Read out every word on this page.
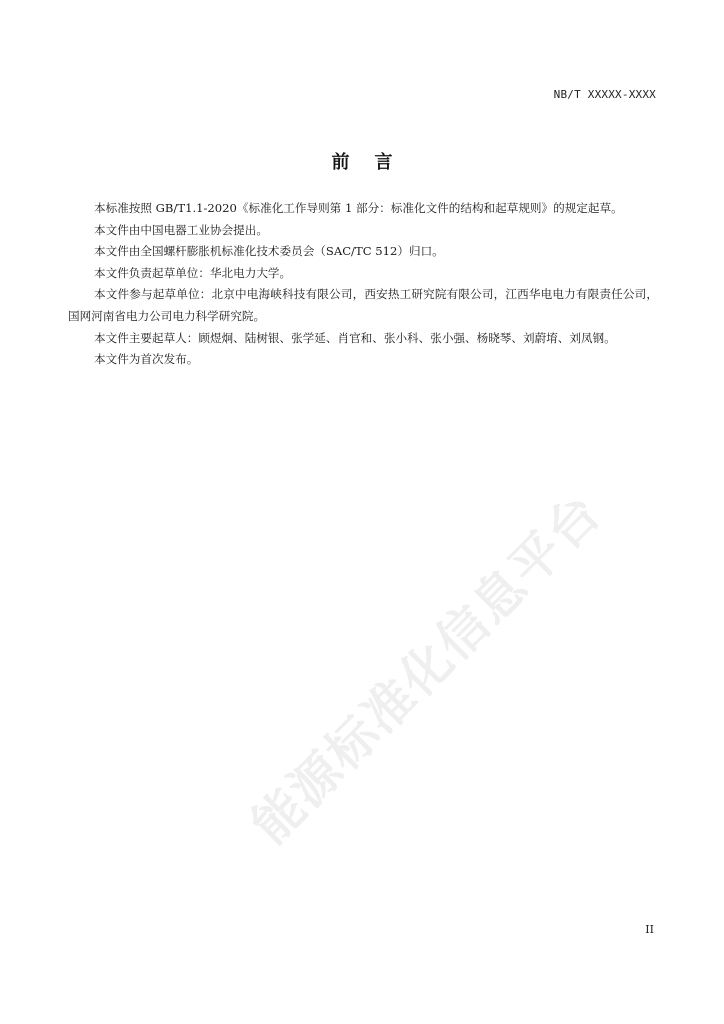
NB/T XXXXX-XXXX
前    言

本标准按照 GB/T1.1-2020《标准化工作导则第 1 部分：标准化文件的结构和起草规则》的规定起草。

本文件由中国电器工业协会提出。

本文件由全国螺杆膨胀机标准化技术委员会（SAC/TC 512）归口。

本文件负责起草单位：华北电力大学。

本文件参与起草单位：北京中电海峡科技有限公司，西安热工研究院有限公司，江西华电电力有限责任公司，国网河南省电力公司电力科学研究院。

本文件主要起草人：顾煜炯、陆树银、张学延、肖官和、张小科、张小强、杨晓琴、刘蔚堉、刘凤钢。

本文件为首次发布。

能源标准化信息平台
II
